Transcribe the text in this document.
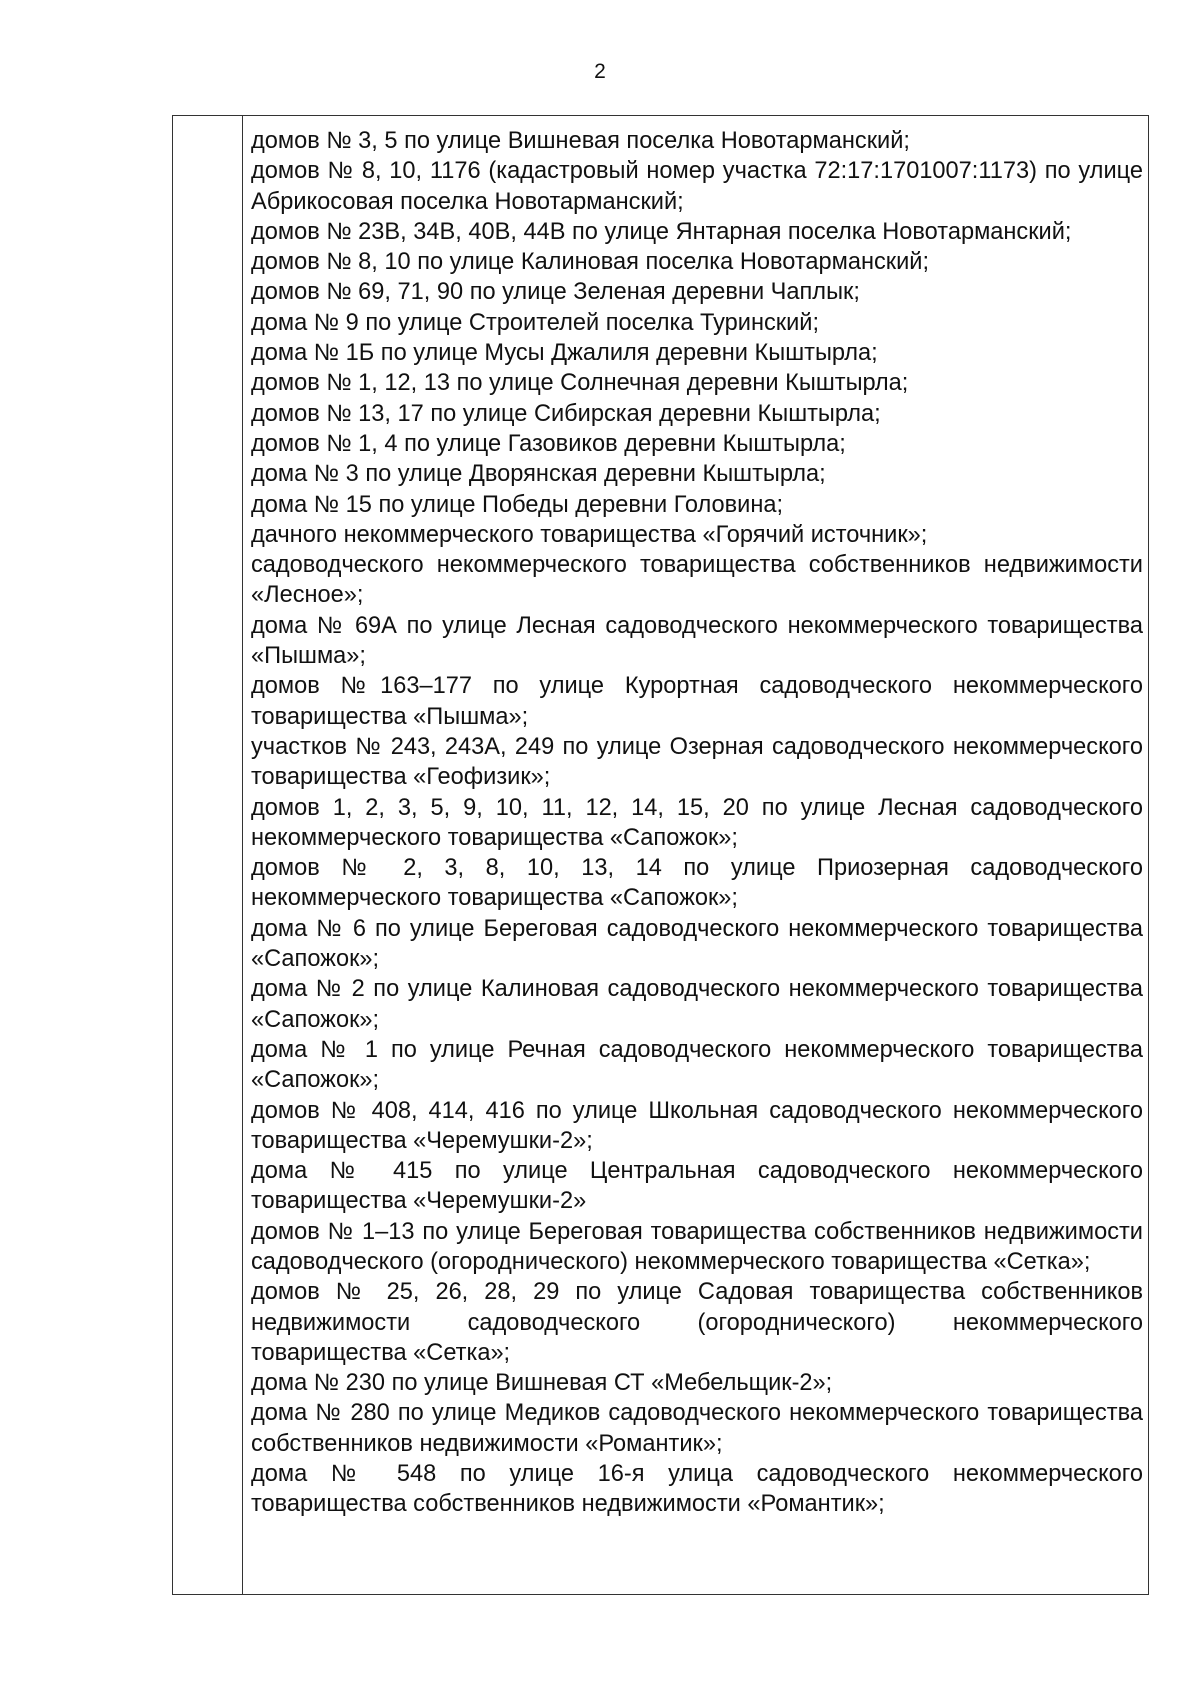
2

домов № 3, 5 по улице Вишневая поселка Новотарманский;

домов № 8, 10, 1176 (кадастровый номер участка 72:17:1701007:1173) по улице Абрикосовая поселка Новотарманский;

домов № 23В, 34В, 40В, 44В по улице Янтарная поселка Новотарманский;

домов № 8, 10 по улице Калиновая поселка Новотарманский;

домов № 69, 71, 90 по улице Зеленая деревни Чаплык;

дома № 9 по улице Строителей поселка Туринский;

дома № 1Б по улице Мусы Джалиля деревни Кыштырла;

домов № 1, 12, 13 по улице Солнечная деревни Кыштырла;

домов № 13, 17 по улице Сибирская деревни Кыштырла;

домов № 1, 4 по улице Газовиков деревни Кыштырла;

дома № 3 по улице Дворянская деревни Кыштырла;

дома № 15 по улице Победы деревни Головина;

дачного некоммерческого товарищества «Горячий источник»;

садоводческого некоммерческого товарищества собственников недвижимости «Лесное»;

дома № 69А по улице Лесная садоводческого некоммерческого товарищества «Пышма»;

домов №163–177 по улице Курортная садоводческого некоммерческого товарищества «Пышма»;

участков № 243, 243А, 249 по улице Озерная садоводческого некоммерческого товарищества «Геофизик»;

домов 1, 2, 3, 5, 9, 10, 11, 12, 14, 15, 20 по улице Лесная садоводческого некоммерческого товарищества «Сапожок»;

домов № 2, 3, 8, 10, 13, 14 по улице Приозерная садоводческого некоммерческого товарищества «Сапожок»;

дома № 6 по улице Береговая садоводческого некоммерческого товарищества «Сапожок»;

дома № 2 по улице Калиновая садоводческого некоммерческого товарищества «Сапожок»;

дома № 1 по улице Речная садоводческого некоммерческого товарищества «Сапожок»;

домов № 408, 414, 416 по улице Школьная садоводческого некоммерческого товарищества «Черемушки-2»;

дома № 415 по улице Центральная садоводческого некоммерческого товарищества «Черемушки-2»

домов № 1–13 по улице Береговая товарищества собственников недвижимости садоводческого (огороднического) некоммерческого товарищества «Сетка»;

домов № 25, 26, 28, 29 по улице Садовая товарищества собственников недвижимости садоводческого (огороднического) некоммерческого товарищества «Сетка»;

дома № 230 по улице Вишневая СТ «Мебельщик-2»;

дома № 280 по улице Медиков садоводческого некоммерческого товарищества собственников недвижимости «Романтик»;

дома № 548 по улице 16-я улица садоводческого некоммерческого товарищества собственников недвижимости «Романтик»;
